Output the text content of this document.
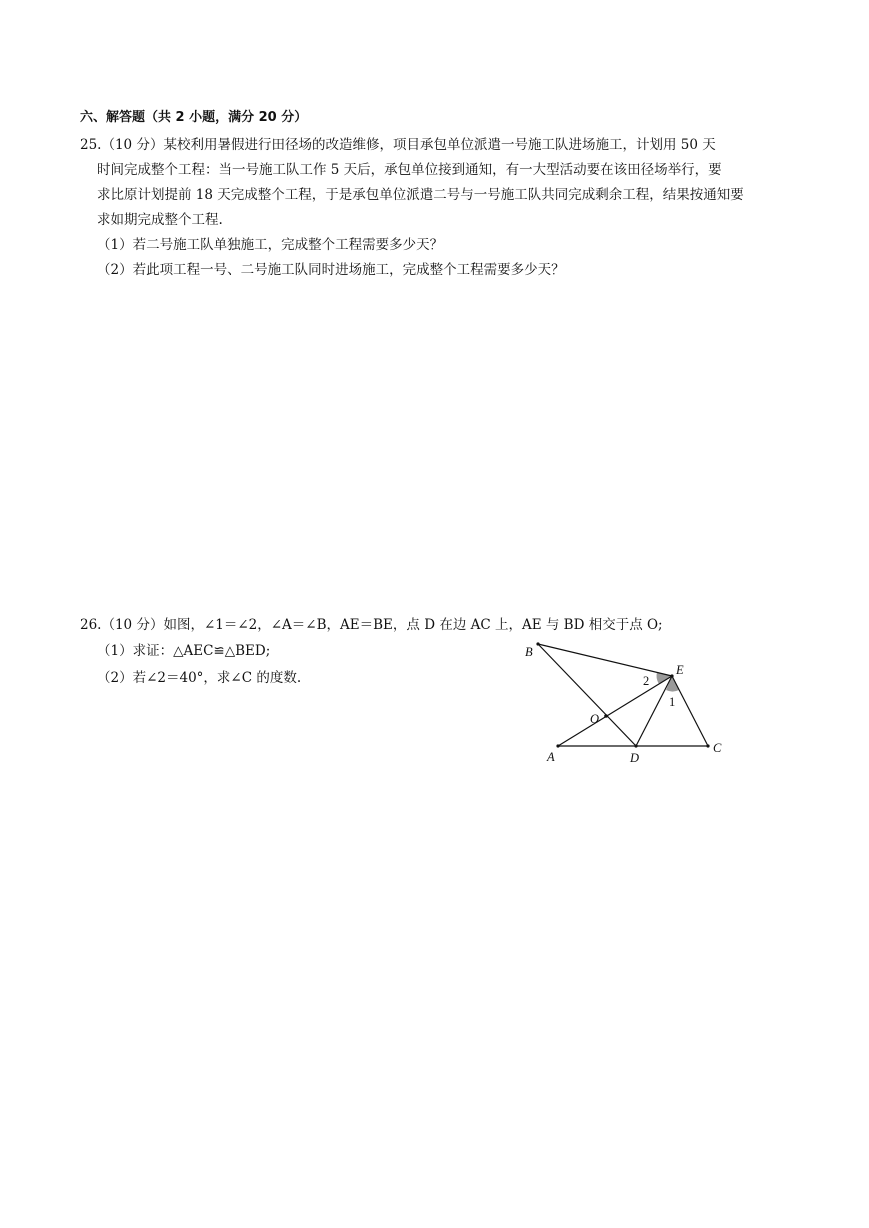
六、解答题（共 2 小题，满分 20 分）
25.（10 分）某校利用暑假进行田径场的改造维修，项目承包单位派遣一号施工队进场施工，计划用 50 天
时间完成整个工程：当一号施工队工作 5 天后，承包单位接到通知，有一大型活动要在该田径场举行，要
求比原计划提前 18 天完成整个工程，于是承包单位派遣二号与一号施工队共同完成剩余工程，结果按通知要
求如期完成整个工程.
（1）若二号施工队单独施工，完成整个工程需要多少天？
（2）若此项工程一号、二号施工队同时进场施工，完成整个工程需要多少天？
26.（10 分）如图，∠1＝∠2，∠A＝∠B，AE＝BE，点 D 在边 AC 上，AE 与 BD 相交于点 O;
（1）求证：△AEC≌△BED;
（2）若∠2＝40°，求∠C 的度数.
B
E
O
A	D
C
2
1
